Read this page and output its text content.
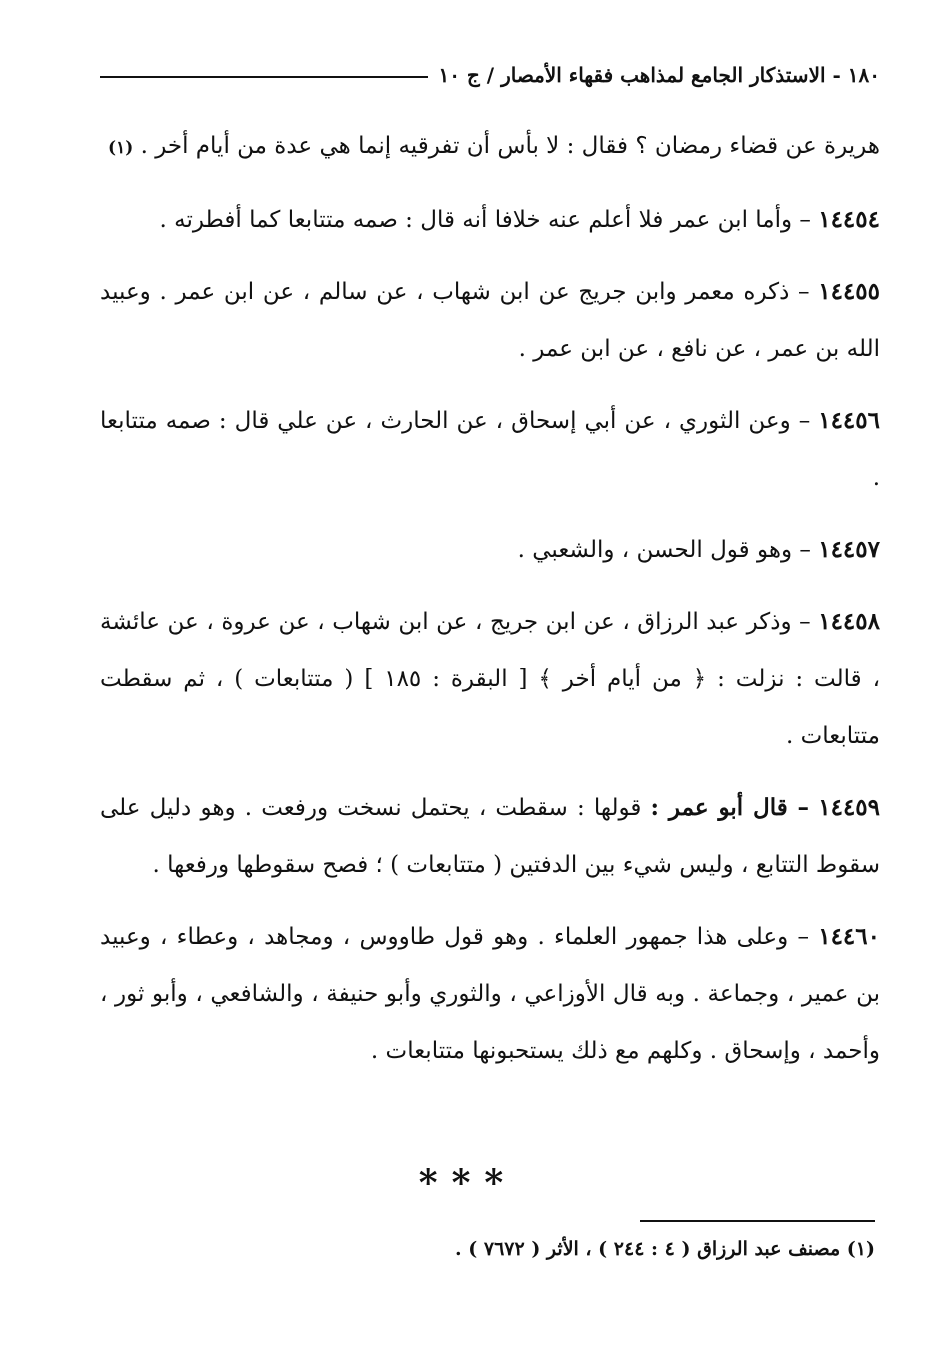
١٨٠ - الاستذكار الجامع لمذاهب فقهاء الأمصار / ج ١٠

هريرة عن قضاء رمضان ؟ فقال : لا بأس أن تفرقيه إنما هي عدة من أيام أخر . (١)

١٤٤٥٤ – وأما ابن عمر فلا أعلم عنه خلافا أنه قال : صمه متتابعا كما أفطرته .

١٤٤٥٥ – ذكره معمر وابن جريج عن ابن شهاب ، عن سالم ، عن ابن عمر . وعبيد الله بن عمر ، عن نافع ، عن ابن عمر .

١٤٤٥٦ – وعن الثوري ، عن أبي إسحاق ، عن الحارث ، عن علي قال : صمه متتابعا .

١٤٤٥٧ – وهو قول الحسن ، والشعبي .

١٤٤٥٨ – وذكر عبد الرزاق ، عن ابن جريج ، عن ابن شهاب ، عن عروة ، عن عائشة ، قالت : نزلت : ﴿ من أيام أخر ﴾ [ البقرة : ١٨٥ ] ( متتابعات ) ، ثم سقطت متتابعات .

١٤٤٥٩ – قال أبو عمر : قولها : سقطت ، يحتمل نسخت ورفعت . وهو دليل على سقوط التتابع ، وليس شيء بين الدفتين ( متتابعات ) ؛ فصح سقوطها ورفعها .

١٤٤٦٠ – وعلى هذا جمهور العلماء . وهو قول طاووس ، ومجاهد ، وعطاء ، وعبيد بن عمير ، وجماعة . وبه قال الأوزاعي ، والثوري وأبو حنيفة ، والشافعي ، وأبو ثور ، وأحمد ، وإسحاق . وكلهم مع ذلك يستحبونها متتابعات .

***
(١) مصنف عبد الرزاق ( ٤ : ٢٤٤ ) ، الأثر ( ٧٦٧٢ ) .
